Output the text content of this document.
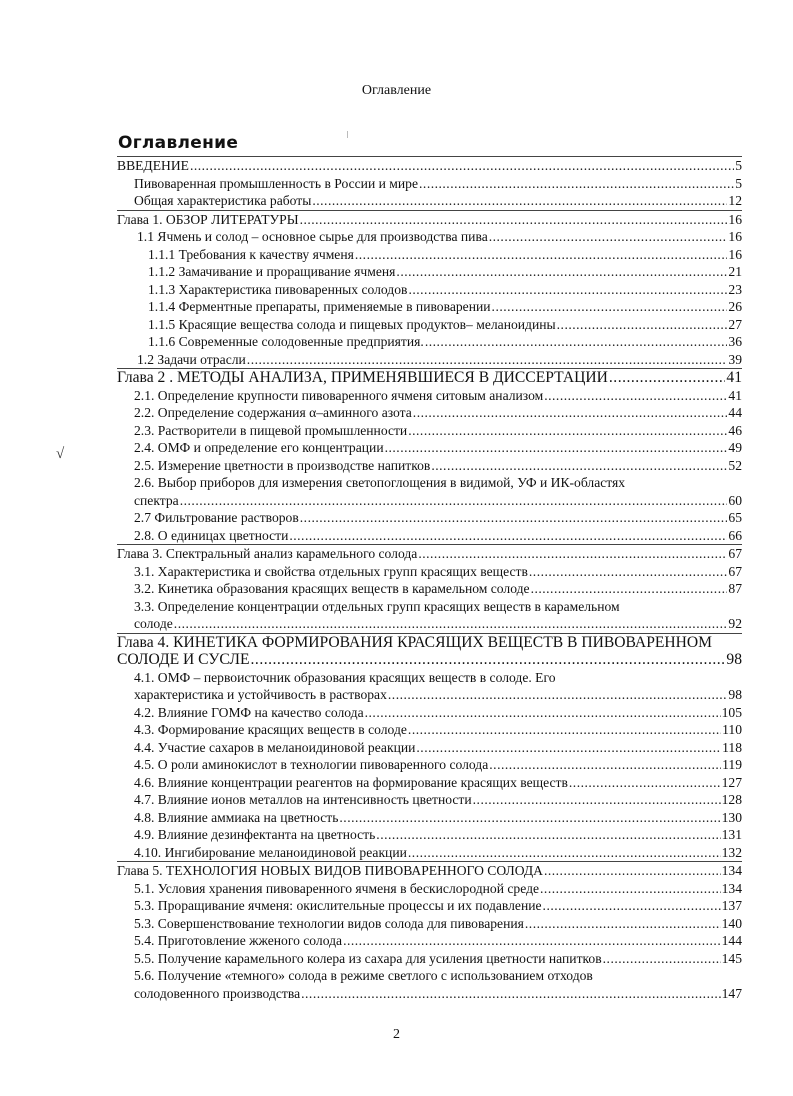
Оглавление
Оглавление
√
ВВЕДЕНИЕ .....	5
Пивоваренная промышленность в России и мире .....	5
Общая характеристика работы .....	12
Глава 1. ОБЗОР ЛИТЕРАТУРЫ .....	16
1.1 Ячмень и солод – основное сырье для производства пива .....	16
1.1.1 Требования к качеству ячменя .....	16
1.1.2 Замачивание и проращивание ячменя .....	21
1.1.3 Характеристика пивоваренных солодов .....	23
1.1.4 Ферментные препараты, применяемые в пивоварении .....	26
1.1.5 Красящие вещества солода и пищевых продуктов– меланоидины .....	27
1.1.6 Современные солодовенные предприятия. .....	36
1.2 Задачи отрасли .....	39
Глава 2 . МЕТОДЫ АНАЛИЗА, ПРИМЕНЯВШИЕСЯ В ДИССЕРТАЦИИ .....	41
2.1. Определение крупности пивоваренного ячменя ситовым анализом .....	41
2.2. Определение содержания α–аминного азота .....	44
2.3. Растворители в пищевой промышленности .....	46
2.4. ОМФ и определение его концентрации .....	49
2.5. Измерение цветности в производстве напитков .....	52
2.6. Выбор приборов для измерения светопоглощения в видимой, УФ и ИК-областях
спектра .....	60
2.7 Фильтрование растворов .....	65
2.8. О единицах цветности .....	66
Глава 3. Спектральный анализ карамельного солода .....	67
3.1. Характеристика и свойства отдельных групп красящих веществ .....	67
3.2. Кинетика образования красящих веществ в карамельном солоде .....	87
3.3. Определение концентрации отдельных групп красящих веществ в карамельном
солоде .....	92
Глава 4. КИНЕТИКА ФОРМИРОВАНИЯ КРАСЯЩИХ ВЕЩЕСТВ В ПИВОВАРЕННОМ
СОЛОДЕ И СУСЛЕ .....	98
4.1. ОМФ – первоисточник образования красящих веществ в солоде. Его
характеристика и устойчивость в растворах .....	98
4.2. Влияние ГОМФ на качество солода .....	105
4.3. Формирование красящих веществ в солоде .....	110
4.4. Участие сахаров в меланоидиновой реакции .....	118
4.5. О роли аминокислот в технологии пивоваренного солода .....	119
4.6. Влияние концентрации реагентов на формирование красящих веществ .....	127
4.7. Влияние ионов металлов на интенсивность цветности .....	128
4.8. Влияние аммиака на цветность .....	130
4.9. Влияние дезинфектанта на цветность .....	131
4.10. Ингибирование меланоидиновой реакции .....	132
Глава 5. ТЕХНОЛОГИЯ НОВЫХ ВИДОВ ПИВОВАРЕННОГО СОЛОДА .....	134
5.1. Условия хранения пивоваренного ячменя в бескислородной среде .....	134
5.3. Проращивание ячменя: окислительные процессы и их подавление .....	137
5.3. Совершенствование технологии видов солода для пивоварения .....	140
5.4. Приготовление жженого солода .....	144
5.5. Получение карамельного колера из сахара для усиления цветности напитков .....	145
5.6. Получение «темного» солода в режиме светлого с использованием отходов
солодовенного производства .....	147
2
